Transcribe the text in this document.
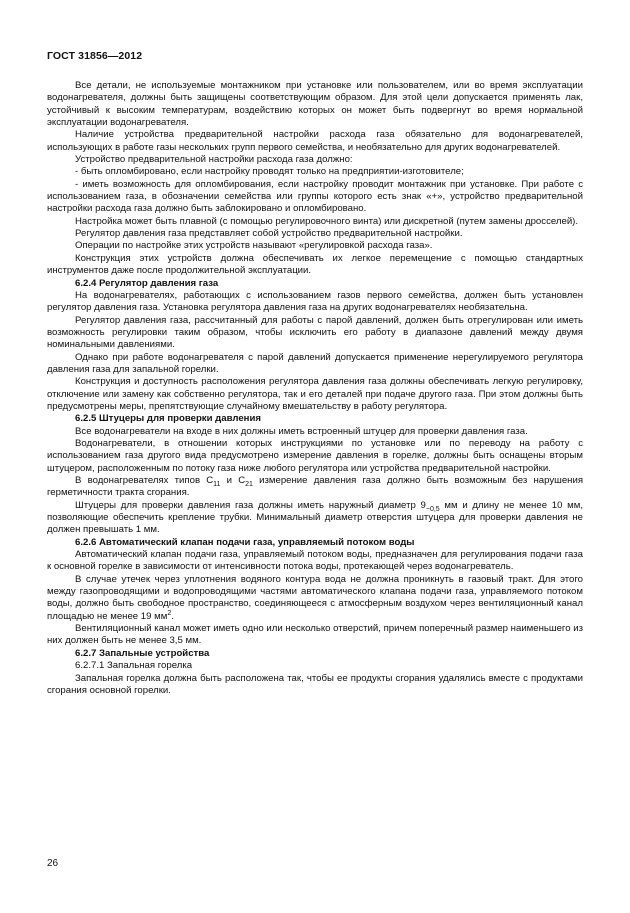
ГОСТ 31856—2012

Все детали, не используемые монтажником при установке или пользователем, или во время эксплуатации водонагревателя, должны быть защищены соответствующим образом. Для этой цели допускается применять лак, устойчивый к высоким температурам, воздействию которых он может быть подвергнут во время нормальной эксплуатации водонагревателя.

Наличие устройства предварительной настройки расхода газа обязательно для водонагревателей, использующих в работе газы нескольких групп первого семейства, и необязательно для других водонагревателей.

Устройство предварительной настройки расхода газа должно:

- быть опломбировано, если настройку проводят только на предприятии-изготовителе;

- иметь возможность для опломбирования, если настройку проводит монтажник при установке. При работе с использованием газа, в обозначении семейства или группы которого есть знак «+», устройство предварительной настройки расхода газа должно быть заблокировано и опломбировано.

Настройка может быть плавной (с помощью регулировочного винта) или дискретной (путем замены дросселей).

Регулятор давления газа представляет собой устройство предварительной настройки.

Операции по настройке этих устройств называют «регулировкой расхода газа».

Конструкция этих устройств должна обеспечивать их легкое перемещение с помощью стандартных инструментов даже после продолжительной эксплуатации.

6.2.4 Регулятор давления газа

На водонагревателях, работающих с использованием газов первого семейства, должен быть установлен регулятор давления газа. Установка регулятора давления газа на других водонагревателях необязательна.

Регулятор давления газа, рассчитанный для работы с парой давлений, должен быть отрегулирован или иметь возможность регулировки таким образом, чтобы исключить его работу в диапазоне давлений между двумя номинальными давлениями.

Однако при работе водонагревателя с парой давлений допускается применение нерегулируемого регулятора давления газа для запальной горелки.

Конструкция и доступность расположения регулятора давления газа должны обеспечивать легкую регулировку, отключение или замену как собственно регулятора, так и его деталей при подаче другого газа. При этом должны быть предусмотрены меры, препятствующие случайному вмешательству в работу регулятора.

6.2.5 Штуцеры для проверки давления

Все водонагреватели на входе в них должны иметь встроенный штуцер для проверки давления газа.

Водонагреватели, в отношении которых инструкциями по установке или по переводу на работу с использованием газа другого вида предусмотрено измерение давления в горелке, должны быть оснащены вторым штуцером, расположенным по потоку газа ниже любого регулятора или устройства предварительной настройки.

В водонагревателях типов $С_{11}$ и $С_{21}$ измерение давления газа должно быть возможным без нарушения герметичности тракта сгорания.

Штуцеры для проверки давления газа должны иметь наружный диаметр $9_{-0,5}$ мм и длину не менее 10 мм, позволяющие обеспечить крепление трубки. Минимальный диаметр отверстия штуцера для проверки давления не должен превышать 1 мм.

6.2.6 Автоматический клапан подачи газа, управляемый потоком воды

Автоматический клапан подачи газа, управляемый потоком воды, предназначен для регулирования подачи газа к основной горелке в зависимости от интенсивности потока воды, протекающей через водонагреватель.

В случае утечек через уплотнения водяного контура вода не должна проникнуть в газовый тракт. Для этого между газопроводящими и водопроводящими частями автоматического клапана подачи газа, управляемого потоком воды, должно быть свободное пространство, соединяющееся с атмосферным воздухом через вентиляционный канал площадью не менее 19 $мм^2$.

Вентиляционный канал может иметь одно или несколько отверстий, причем поперечный размер наименьшего из них должен быть не менее 3,5 мм.

6.2.7 Запальные устройства
6.2.7.1 Запальная горелка

Запальная горелка должна быть расположена так, чтобы ее продукты сгорания удалялись вместе с продуктами сгорания основной горелки.

26
